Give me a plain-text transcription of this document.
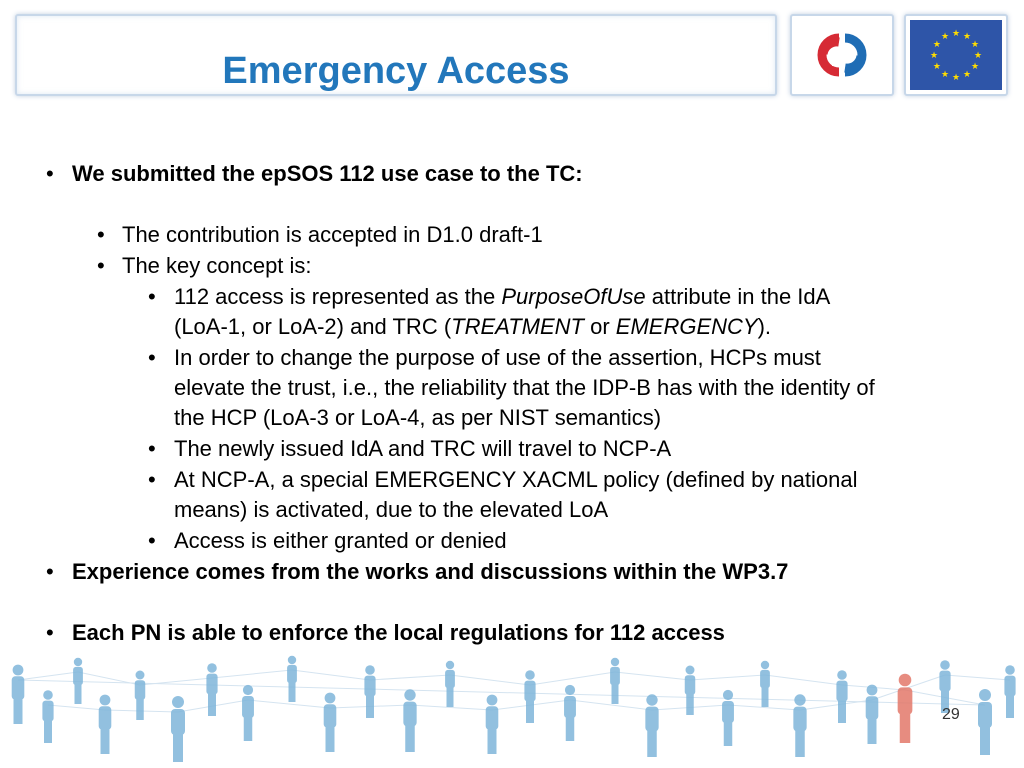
Emergency Access
★ ★
★
★
★
★
★
★
★
★
★
★
• We submitted the epSOS 112 use case to the TC:
• The contribution is accepted in D1.0 draft-1
• The key concept is:
• 112 access is represented as the PurposeOfUse attribute in the IdA
(LoA-1, or LoA-2) and TRC (TREATMENT or EMERGENCY).
• In order to change the purpose of use of the assertion, HCPs must
elevate the trust, i.e., the reliability that the IDP-B has with the identity of
the HCP (LoA-3 or LoA-4, as per NIST semantics)
• The newly issued IdA and TRC will travel to NCP-A
• At NCP-A, a special EMERGENCY XACML policy (defined by national
means) is activated, due to the elevated LoA
• Access is either granted or denied
• Experience comes from the works and discussions within the WP3.7
• Each PN is able to enforce the local regulations for 112 access
29
